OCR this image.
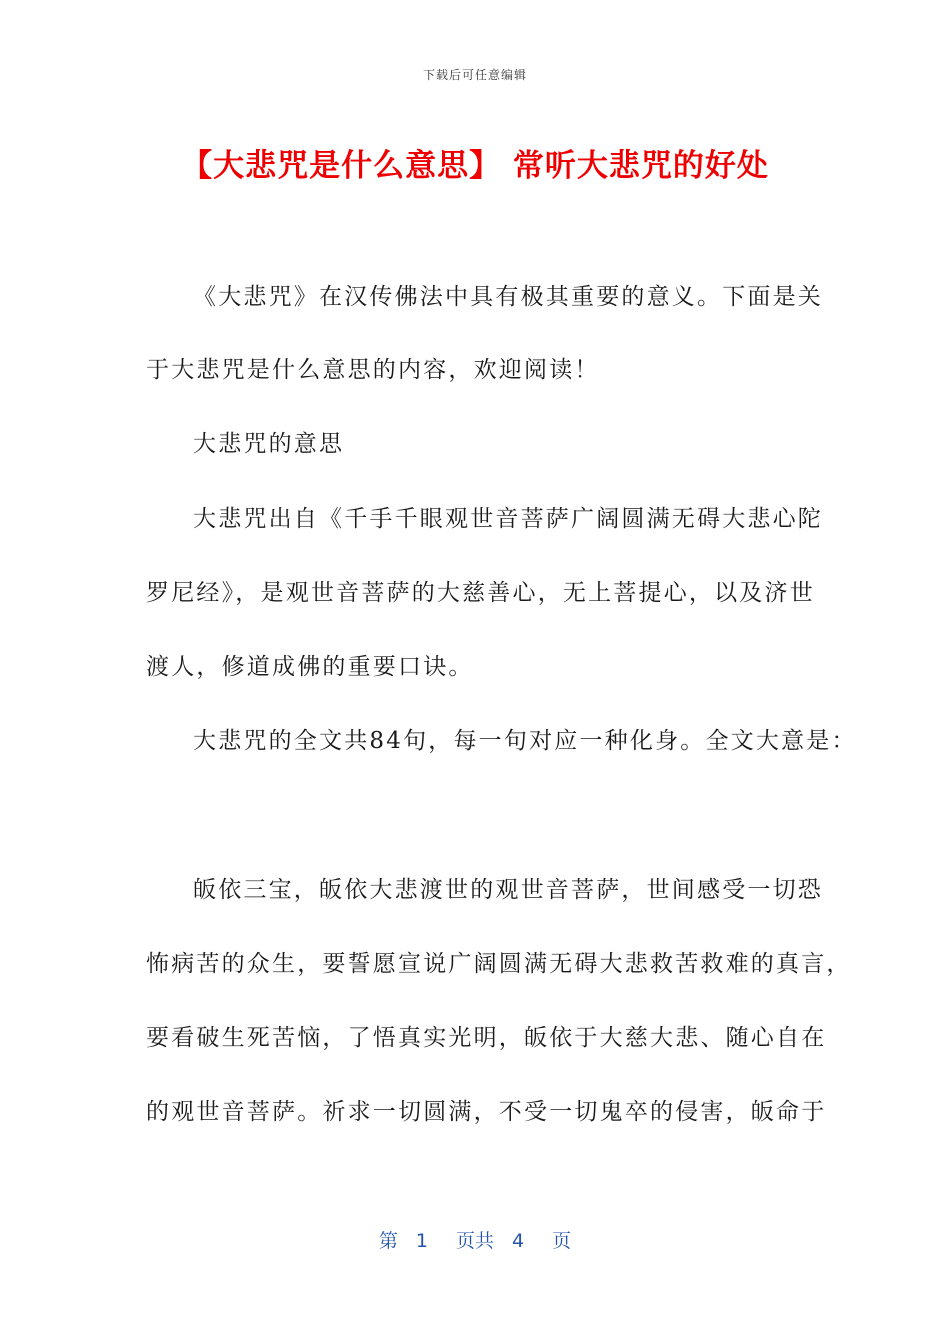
下载后可任意编辑
【大悲咒是什么意思】 常听大悲咒的好处
《大悲咒》在汉传佛法中具有极其重要的意义。下面是关
于大悲咒是什么意思的内容，欢迎阅读！
大悲咒的意思
大悲咒出自《千手千眼观世音菩萨广阔圆满无碍大悲心陀
罗尼经》，是观世音菩萨的大慈善心，无上菩提心，以及济世
渡人，修道成佛的重要口诀。
大悲咒的全文共84句，每一句对应一种化身。全文大意是：
皈依三宝，皈依大悲渡世的观世音菩萨，世间感受一切恐
怖病苦的众生，要誓愿宣说广阔圆满无碍大悲救苦救难的真言，
要看破生死苦恼，了悟真实光明，皈依于大慈大悲、随心自在
的观世音菩萨。祈求一切圆满，不受一切鬼卒的侵害，皈命于
第 1 页共 4 页
